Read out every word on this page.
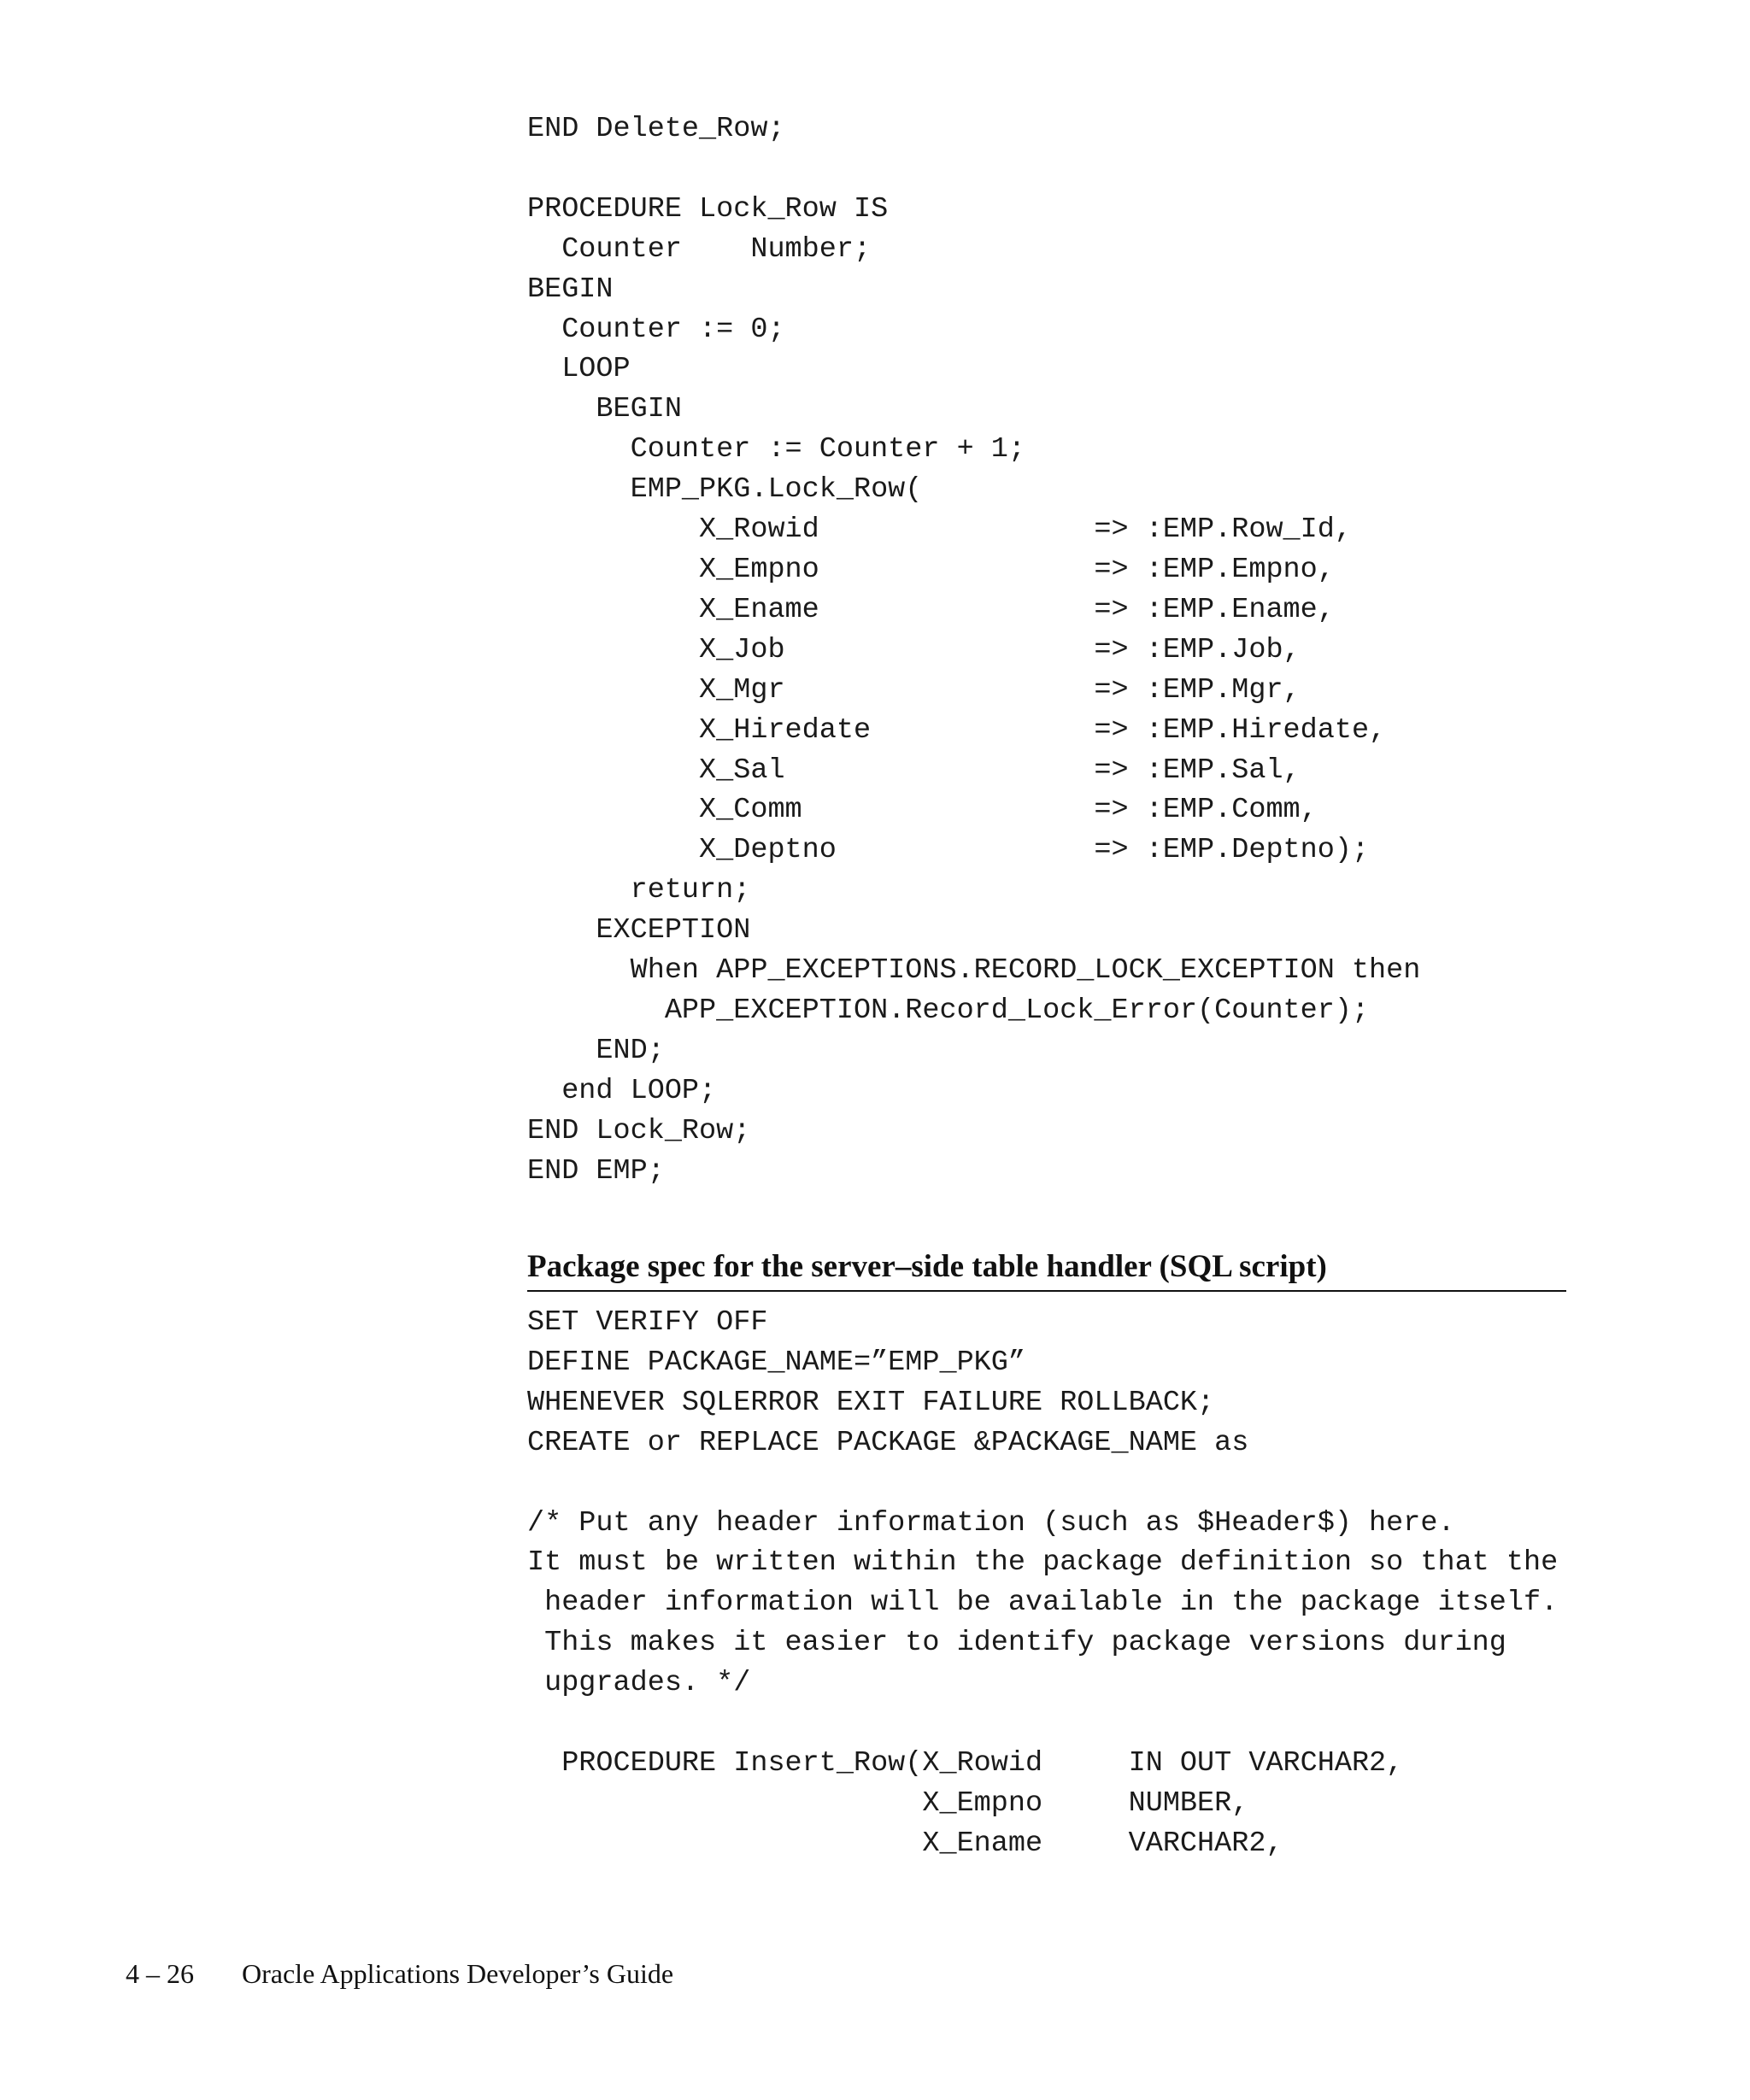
END Delete_Row;

PROCEDURE Lock_Row IS
Counter    Number;
BEGIN
Counter := 0;
LOOP
BEGIN
Counter := Counter + 1;
EMP_PKG.Lock_Row(
X_Rowid                => :EMP.Row_Id,
X_Empno                => :EMP.Empno,
X_Ename                => :EMP.Ename,
X_Job                  => :EMP.Job,
X_Mgr                  => :EMP.Mgr,
X_Hiredate             => :EMP.Hiredate,
X_Sal                  => :EMP.Sal,
X_Comm                 => :EMP.Comm,
X_Deptno               => :EMP.Deptno);
return;
EXCEPTION
When APP_EXCEPTIONS.RECORD_LOCK_EXCEPTION then
APP_EXCEPTION.Record_Lock_Error(Counter);
END;
end LOOP;
END Lock_Row;
END EMP;
Package spec for the server–side table handler (SQL script)
SET VERIFY OFF
DEFINE PACKAGE_NAME=”EMP_PKG”
WHENEVER SQLERROR EXIT FAILURE ROLLBACK;
CREATE or REPLACE PACKAGE &PACKAGE_NAME as

/* Put any header information (such as $Header$) here.
It must be written within the package definition so that the
header information will be available in the package itself.
This makes it easier to identify package versions during
upgrades. */

PROCEDURE Insert_Row(X_Rowid     IN OUT VARCHAR2,
X_Empno     NUMBER,
X_Ename     VARCHAR2,
4 – 26 Oracle Applications Developer’s Guide
